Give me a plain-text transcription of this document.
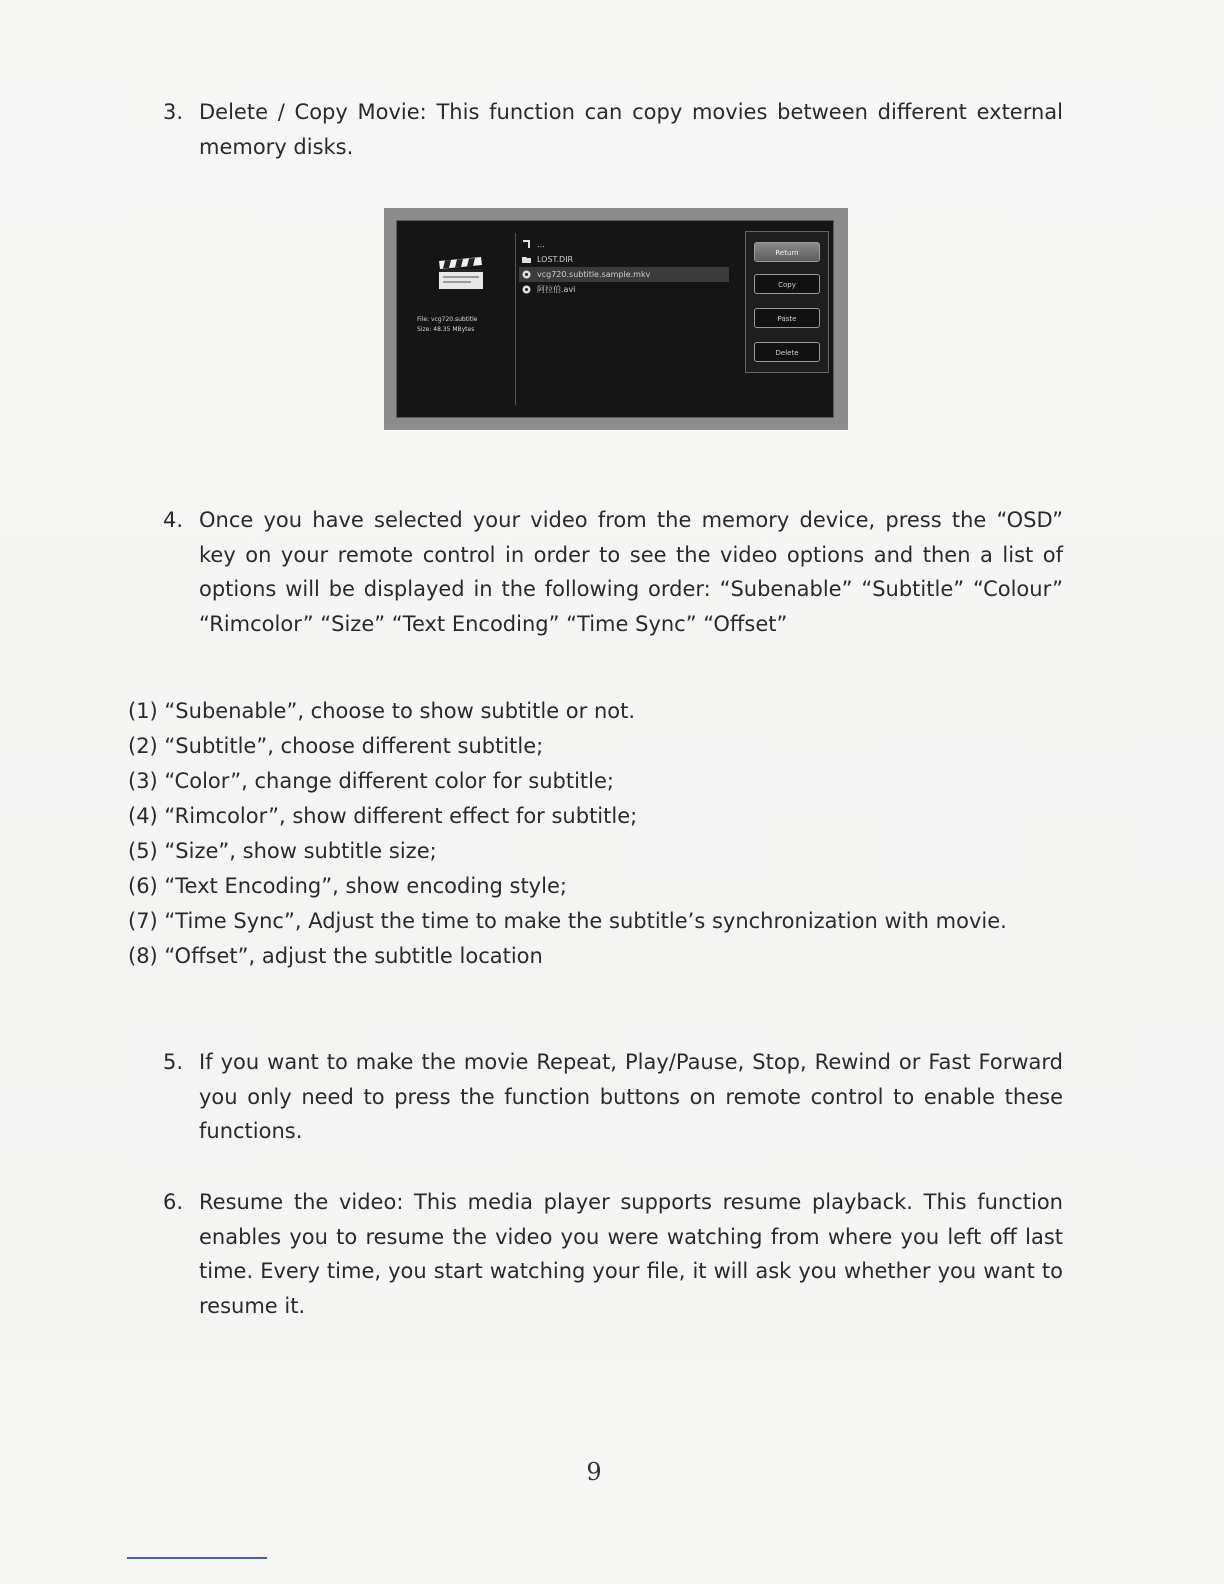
3. Delete / Copy Movie: This function can copy movies between different external memory disks.
File: vcg720.subtitle
Size: 48.35 MBytes
...
LOST.DIR
vcg720.subtitle.sample.mkv
阿拉伯.avi
Return
Copy
Paste
Delete
4. Once you have selected your video from the memory device, press the “OSD” key on your remote control in order to see the video options and then a list of options will be displayed in the following order: “Subenable” “Subtitle” “Colour” “Rimcolor” “Size” “Text Encoding” “Time Sync” “Offset”
(1) “Subenable”, choose to show subtitle or not.
(2) “Subtitle”, choose different subtitle;
(3) “Color”, change different color for subtitle;
(4) “Rimcolor”, show different effect for subtitle;
(5) “Size”, show subtitle size;
(6) “Text Encoding”, show encoding style;
(7) “Time Sync”, Adjust the time to make the subtitle’s synchronization with movie.
(8) “Offset”, adjust the subtitle location
5. If you want to make the movie Repeat, Play/Pause, Stop, Rewind or Fast Forward you only need to press the function buttons on remote control to enable these functions.
6. Resume the video: This media player supports resume playback. This function enables you to resume the video you were watching from where you left off last time. Every time, you start watching your file, it will ask you whether you want to resume it.
9
